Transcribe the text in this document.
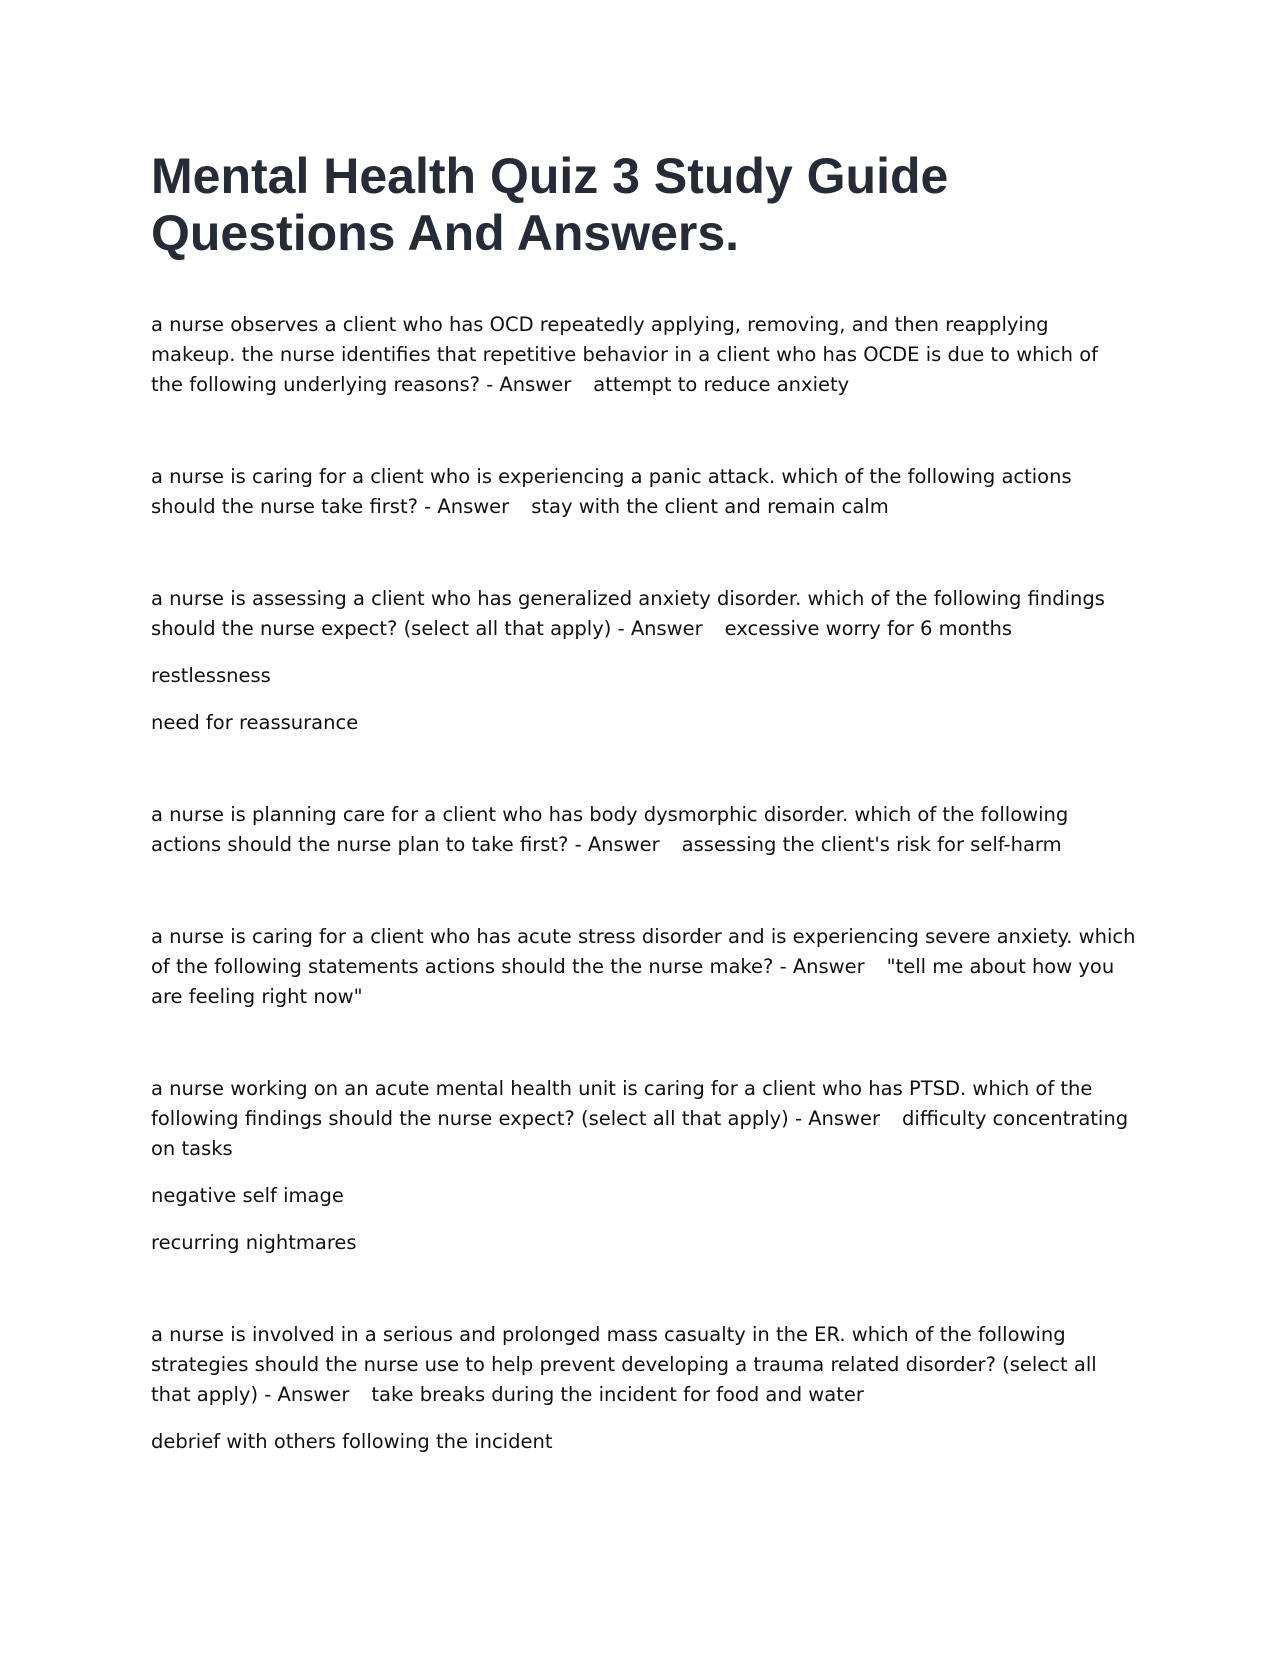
Mental Health Quiz 3 Study Guide Questions And Answers.

a nurse observes a client who has OCD repeatedly applying, removing, and then reapplying makeup. the nurse identifies that repetitive behavior in a client who has OCDE is due to which of the following underlying reasons? - Answer attempt to reduce anxiety

a nurse is caring for a client who is experiencing a panic attack. which of the following actions should the nurse take first? - Answer stay with the client and remain calm

a nurse is assessing a client who has generalized anxiety disorder. which of the following findings should the nurse expect? (select all that apply) - Answer excessive worry for 6 months

restlessness

need for reassurance

a nurse is planning care for a client who has body dysmorphic disorder. which of the following actions should the nurse plan to take first? - Answer assessing the client's risk for self-harm

a nurse is caring for a client who has acute stress disorder and is experiencing severe anxiety. which of the following statements actions should the the nurse make? - Answer "tell me about how you are feeling right now"

a nurse working on an acute mental health unit is caring for a client who has PTSD. which of the following findings should the nurse expect? (select all that apply) - Answer difficulty concentrating on tasks

negative self image

recurring nightmares

a nurse is involved in a serious and prolonged mass casualty in the ER. which of the following strategies should the nurse use to help prevent developing a trauma related disorder? (select all that apply) - Answer take breaks during the incident for food and water

debrief with others following the incident
